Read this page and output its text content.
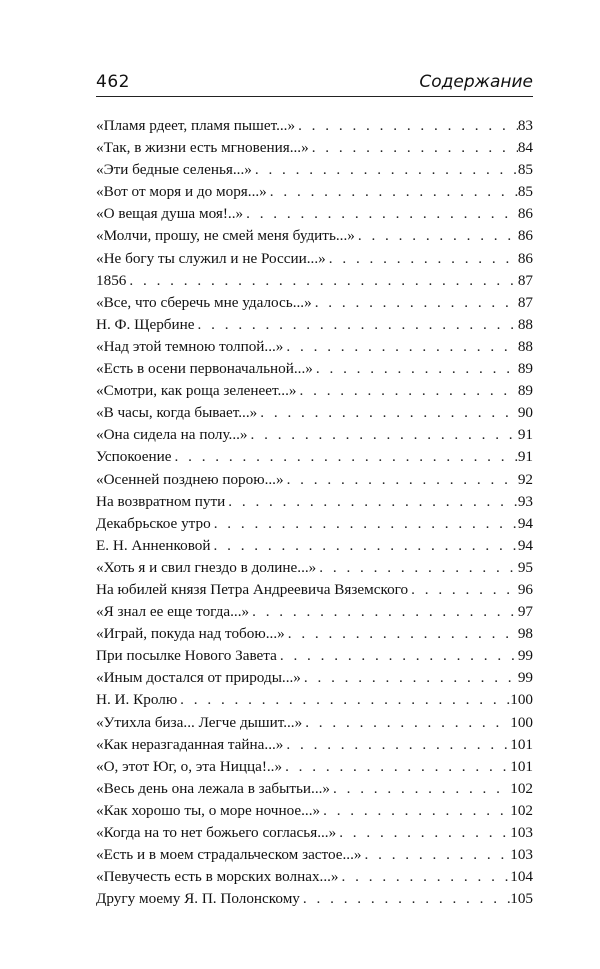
462	Содержание
«Пламя рдеет, пламя пышет...» . . .	83
«Так, в жизни есть мгновения...» . . .	84
«Эти бедные селенья...» . . .	85
«Вот от моря и до моря...» . . .	85
«О вещая душа моя!..» . . .	86
«Молчи, прошу, не смей меня будить...» . . .	86
«Не богу ты служил и не России...» . . .	86
1856 . . .	87
«Все, что сберечь мне удалось...» . . .	87
Н. Ф. Щербине . . .	88
«Над этой темною толпой...» . . .	88
«Есть в осени первоначальной...» . . .	89
«Смотри, как роща зеленеет...» . . .	89
«В часы, когда бывает...» . . .	90
«Она сидела на полу...» . . .	91
Успокоение . . .	91
«Осенней позднею порою...» . . .	92
На возвратном пути . . .	93
Декабрьское утро . . .	94
Е. Н. Анненковой . . .	94
«Хоть я и свил гнездо в долине...» . . .	95
На юбилей князя Петра Андреевича Вяземского . . .	96
«Я знал ее еще тогда...» . . .	97
«Играй, покуда над тобою...» . . .	98
При посылке Нового Завета . . .	99
«Иным достался от природы...» . . .	99
Н. И. Кролю . . .	100
«Утихла биза... Легче дышит...» . . .	100
«Как неразгаданная тайна...» . . .	101
«О, этот Юг, о, эта Ницца!..» . . .	101
«Весь день она лежала в забытьи...» . . .	102
«Как хорошо ты, о море ночное...» . . .	102
«Когда на то нет божьего согласья...» . . .	103
«Есть и в моем страдальческом застое...» . . .	103
«Певучесть есть в морских волнах...» . . .	104
Другу моему Я. П. Полонскому . . .	105
